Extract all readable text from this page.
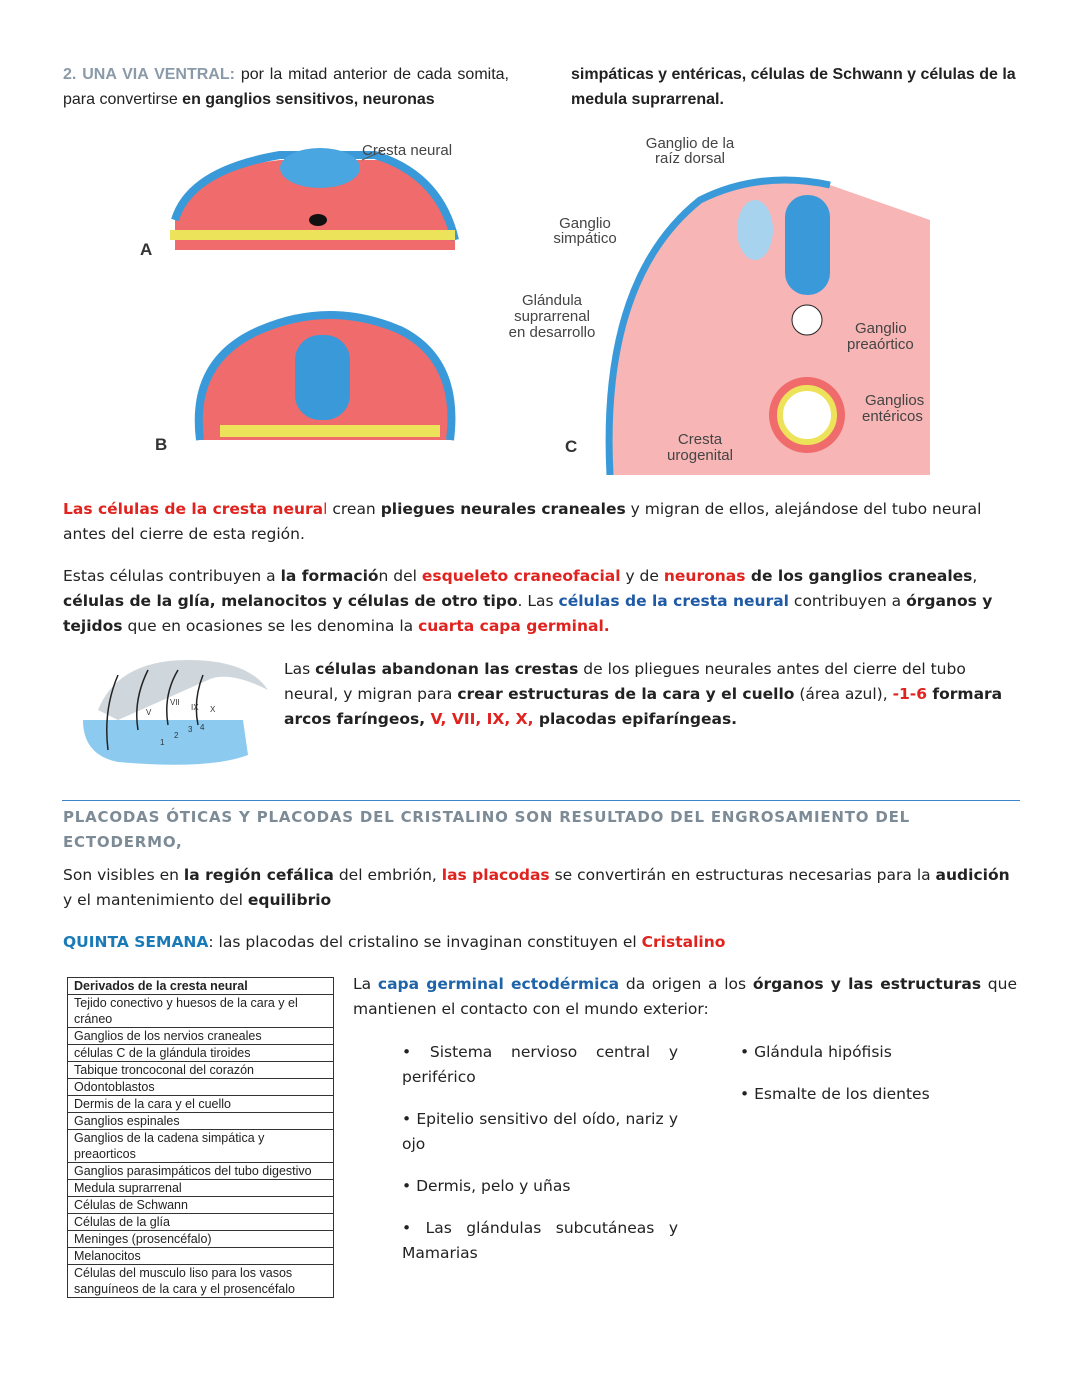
2. UNA VIA VENTRAL: por la mitad anterior de cada somita, para convertirse en ganglios sensitivos, neuronas
simpáticas y entéricas, células de Schwann y células de la medula suprarrenal.
Cresta neural
A
B
Ganglio de la
raíz dorsal
Ganglio
simpático
Glándula
suprarrenal
en desarrollo	Ganglio
preaórtico
Ganglios
entéricos
Cresta
urogenital
C

Las células de la cresta neural crean pliegues neurales craneales y migran de ellos, alejándose del tubo neural antes del cierre de esta región.

Estas células contribuyen a la formación del esqueleto craneofacial y de neuronas de los ganglios craneales, células de la glía, melanocitos y células de otro tipo. Las células de la cresta neural contribuyen a órganos y tejidos que en ocasiones se les denomina la cuarta capa germinal.

V
VII
IX X
1
2
3 4

Las células abandonan las crestas de los pliegues neurales antes del cierre del tubo neural, y migran para crear estructuras de la cara y el cuello (área azul), -1-6 formara arcos faríngeos, V, VII, IX, X, placodas epifaríngeas.

PLACODAS ÓTICAS Y PLACODAS DEL CRISTALINO SON RESULTADO DEL ENGROSAMIENTO DEL ECTODERMO,

Son visibles en la región cefálica del embrión, las placodas se convertirán en estructuras necesarias para la audición y el mantenimiento del equilibrio

QUINTA SEMANA: las placodas del cristalino se invaginan constituyen el Cristalino

Derivados de la cresta neural
Tejido conectivo y huesos de la cara y el cráneo
Ganglios de los nervios craneales
células C de la glándula tiroides
Tabique troncoconal del corazón
Odontoblastos
Dermis de la cara y el cuello
Ganglios espinales
Ganglios de la cadena simpática y preaorticos
Ganglios parasimpáticos del tubo digestivo
Medula suprarrenal
Células de Schwann
Células de la glía
Meninges (prosencéfalo)
Melanocitos
Células del musculo liso para los vasos sanguíneos de la cara y el prosencéfalo

La capa germinal ectodérmica da origen a los órganos y las estructuras que mantienen el contacto con el mundo exterior:

• Sistema nervioso central y periférico
• Epitelio sensitivo del oído, nariz y ojo
• Dermis, pelo y uñas
• Las glándulas subcutáneas y Mamarias
• Glándula hipófisis
• Esmalte de los dientes
